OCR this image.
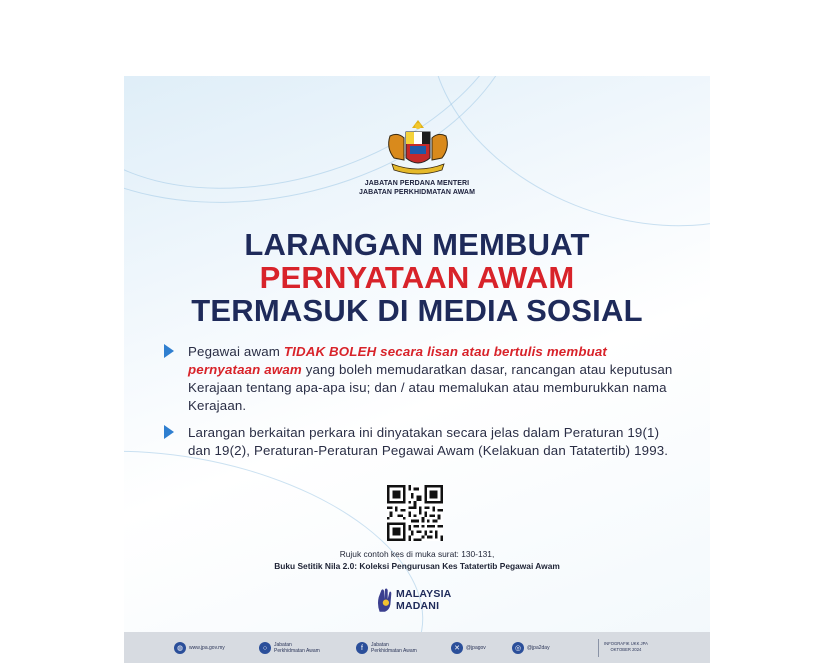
JABATAN PERDANA MENTERI
JABATAN PERKHIDMATAN AWAM
LARANGAN MEMBUAT
PERNYATAAN AWAM
TERMASUK DI MEDIA SOSIAL
Pegawai awam TIDAK BOLEH secara lisan atau bertulis membuat pernyataan awam yang boleh memudaratkan dasar, rancangan atau keputusan Kerajaan tentang apa-apa isu; dan / atau memalukan atau memburukkan nama Kerajaan.
Larangan berkaitan perkara ini dinyatakan secara jelas dalam Peraturan 19(1) dan 19(2), Peraturan-Peraturan Pegawai Awam (Kelakuan dan Tatatertib) 1993.
Rujuk contoh kes di muka surat: 130-131,
Buku Setitik Nila 2.0: Koleksi Pengurusan Kes Tatatertib Pegawai Awam
MALAYSIA
MADANI
◍	www.jpa.gov.my	○	Jabatan
Perkhidmatan Awam	f	Jabatan
Perkhidmatan Awam	✕	@jpagov	◎	@jpa2day
INFOGRAFIK UKK JPA
OKTOBER 2024
